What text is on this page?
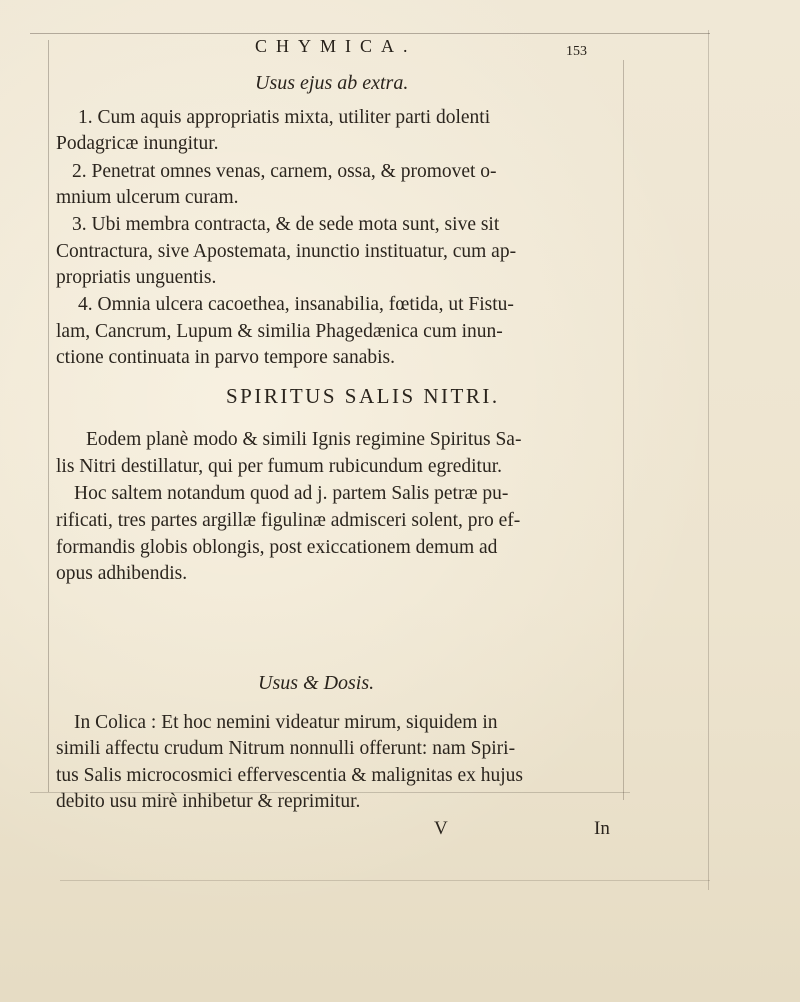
CHYMICA.	153
Usus ejus ab extra.
1. Cum aquis appropriatis mixta, utiliter parti dolenti
Podagricæ inungitur.
2. Penetrat omnes venas, carnem, ossa, & promovet o-
mnium ulcerum curam.
3. Ubi membra contracta, & de sede mota sunt, sive sit
Contractura, sive Apostemata, inunctio instituatur, cum ap-
propriatis unguentis.
4. Omnia ulcera cacoethea, insanabilia, fœtida, ut Fistu-
lam, Cancrum, Lupum & similia Phagedænica cum inun-
ctione continuata in parvo tempore sanabis.
SPIRITUS SALIS NITRI.
Eodem planè modo & simili Ignis regimine Spiritus Sa-
lis Nitri destillatur, qui per fumum rubicundum egreditur.
Hoc saltem notandum quod ad j. partem Salis petræ pu-
rificati, tres partes argillæ figulinæ admisceri solent, pro ef-
formandis globis oblongis, post exiccationem demum ad
opus adhibendis.
Usus & Dosis.
In Colica : Et hoc nemini videatur mirum, siquidem in
simili affectu crudum Nitrum nonnulli offerunt: nam Spiri-
tus Salis microcosmici effervescentia & malignitas ex hujus
debito usu mirè inhibetur & reprimitur.
V	In
